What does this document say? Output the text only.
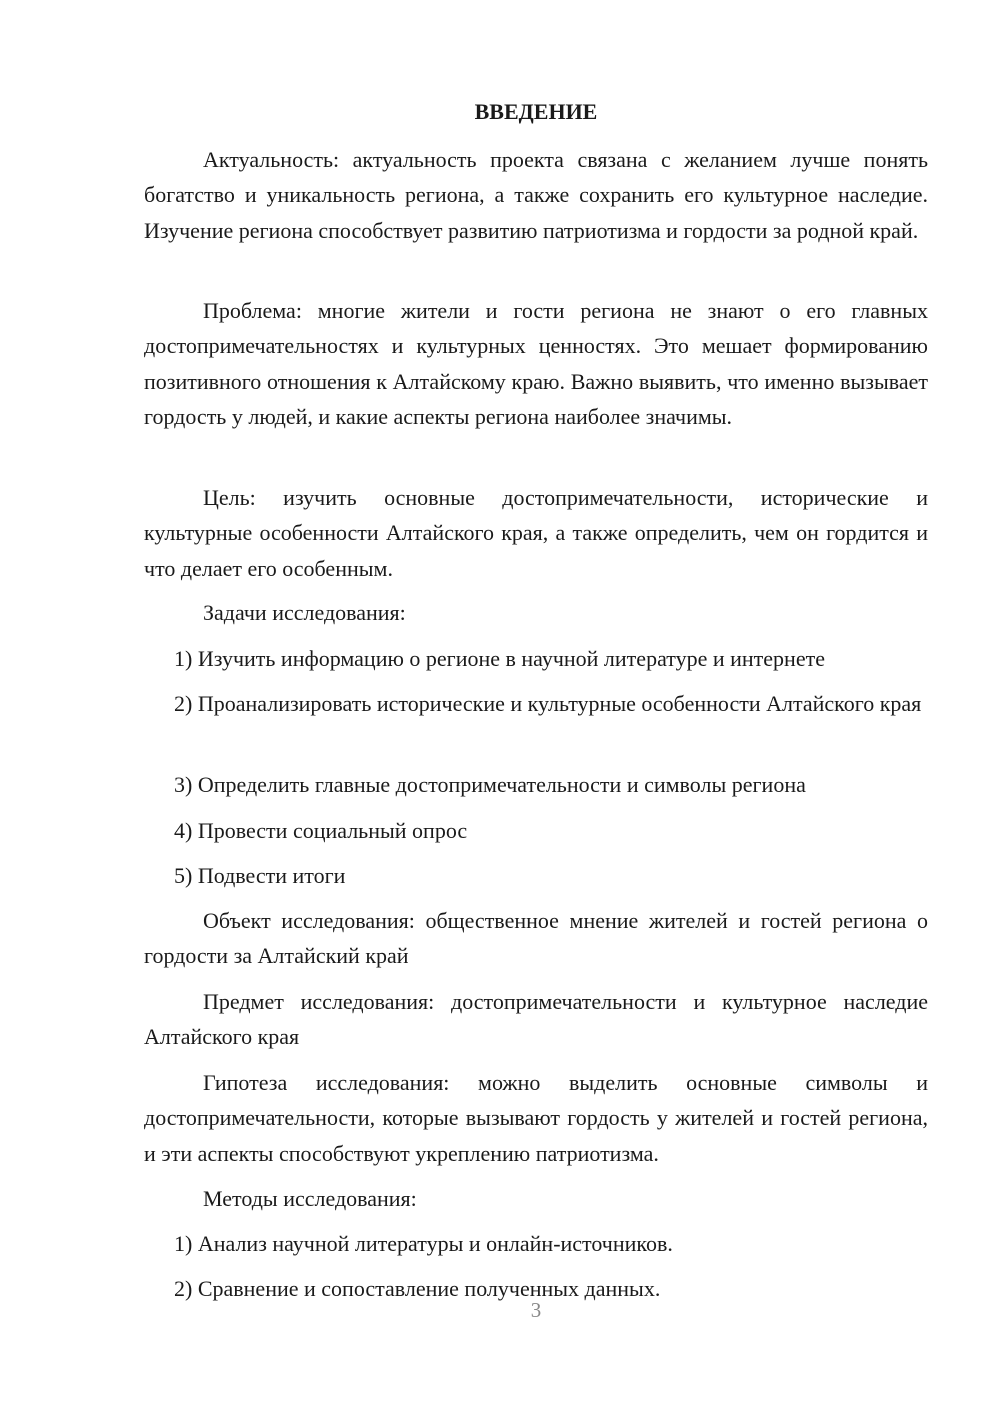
ВВЕДЕНИЕ

Актуальность: актуальность проекта связана с желанием лучше понять богатство и уникальность региона, а также сохранить его культурное наследие. Изучение региона способствует развитию патриотизма и гордости за родной край.

Проблема: многие жители и гости региона не знают о его главных достопримечательностях и культурных ценностях. Это мешает формированию позитивного отношения к Алтайскому краю. Важно выявить, что именно вызывает гордость у людей, и какие аспекты региона наиболее значимы.

Цель: изучить основные достопримечательности, исторические и культурные особенности Алтайского края, а также определить, чем он гордится и что делает его особенным.

Задачи исследования:

1) Изучить информацию о регионе в научной литературе и интернете

2) Проанализировать исторические и культурные особенности Алтайского края

3) Определить главные достопримечательности и символы региона

4) Провести социальный опрос

5) Подвести итоги

Объект исследования: общественное мнение жителей и гостей региона о гордости за Алтайский край

Предмет исследования: достопримечательности и культурное наследие Алтайского края

Гипотеза исследования: можно выделить основные символы и достопримечательности, которые вызывают гордость у жителей и гостей региона, и эти аспекты способствуют укреплению патриотизма.

Методы исследования:

1) Анализ научной литературы и онлайн-источников.

2) Сравнение и сопоставление полученных данных.

3
